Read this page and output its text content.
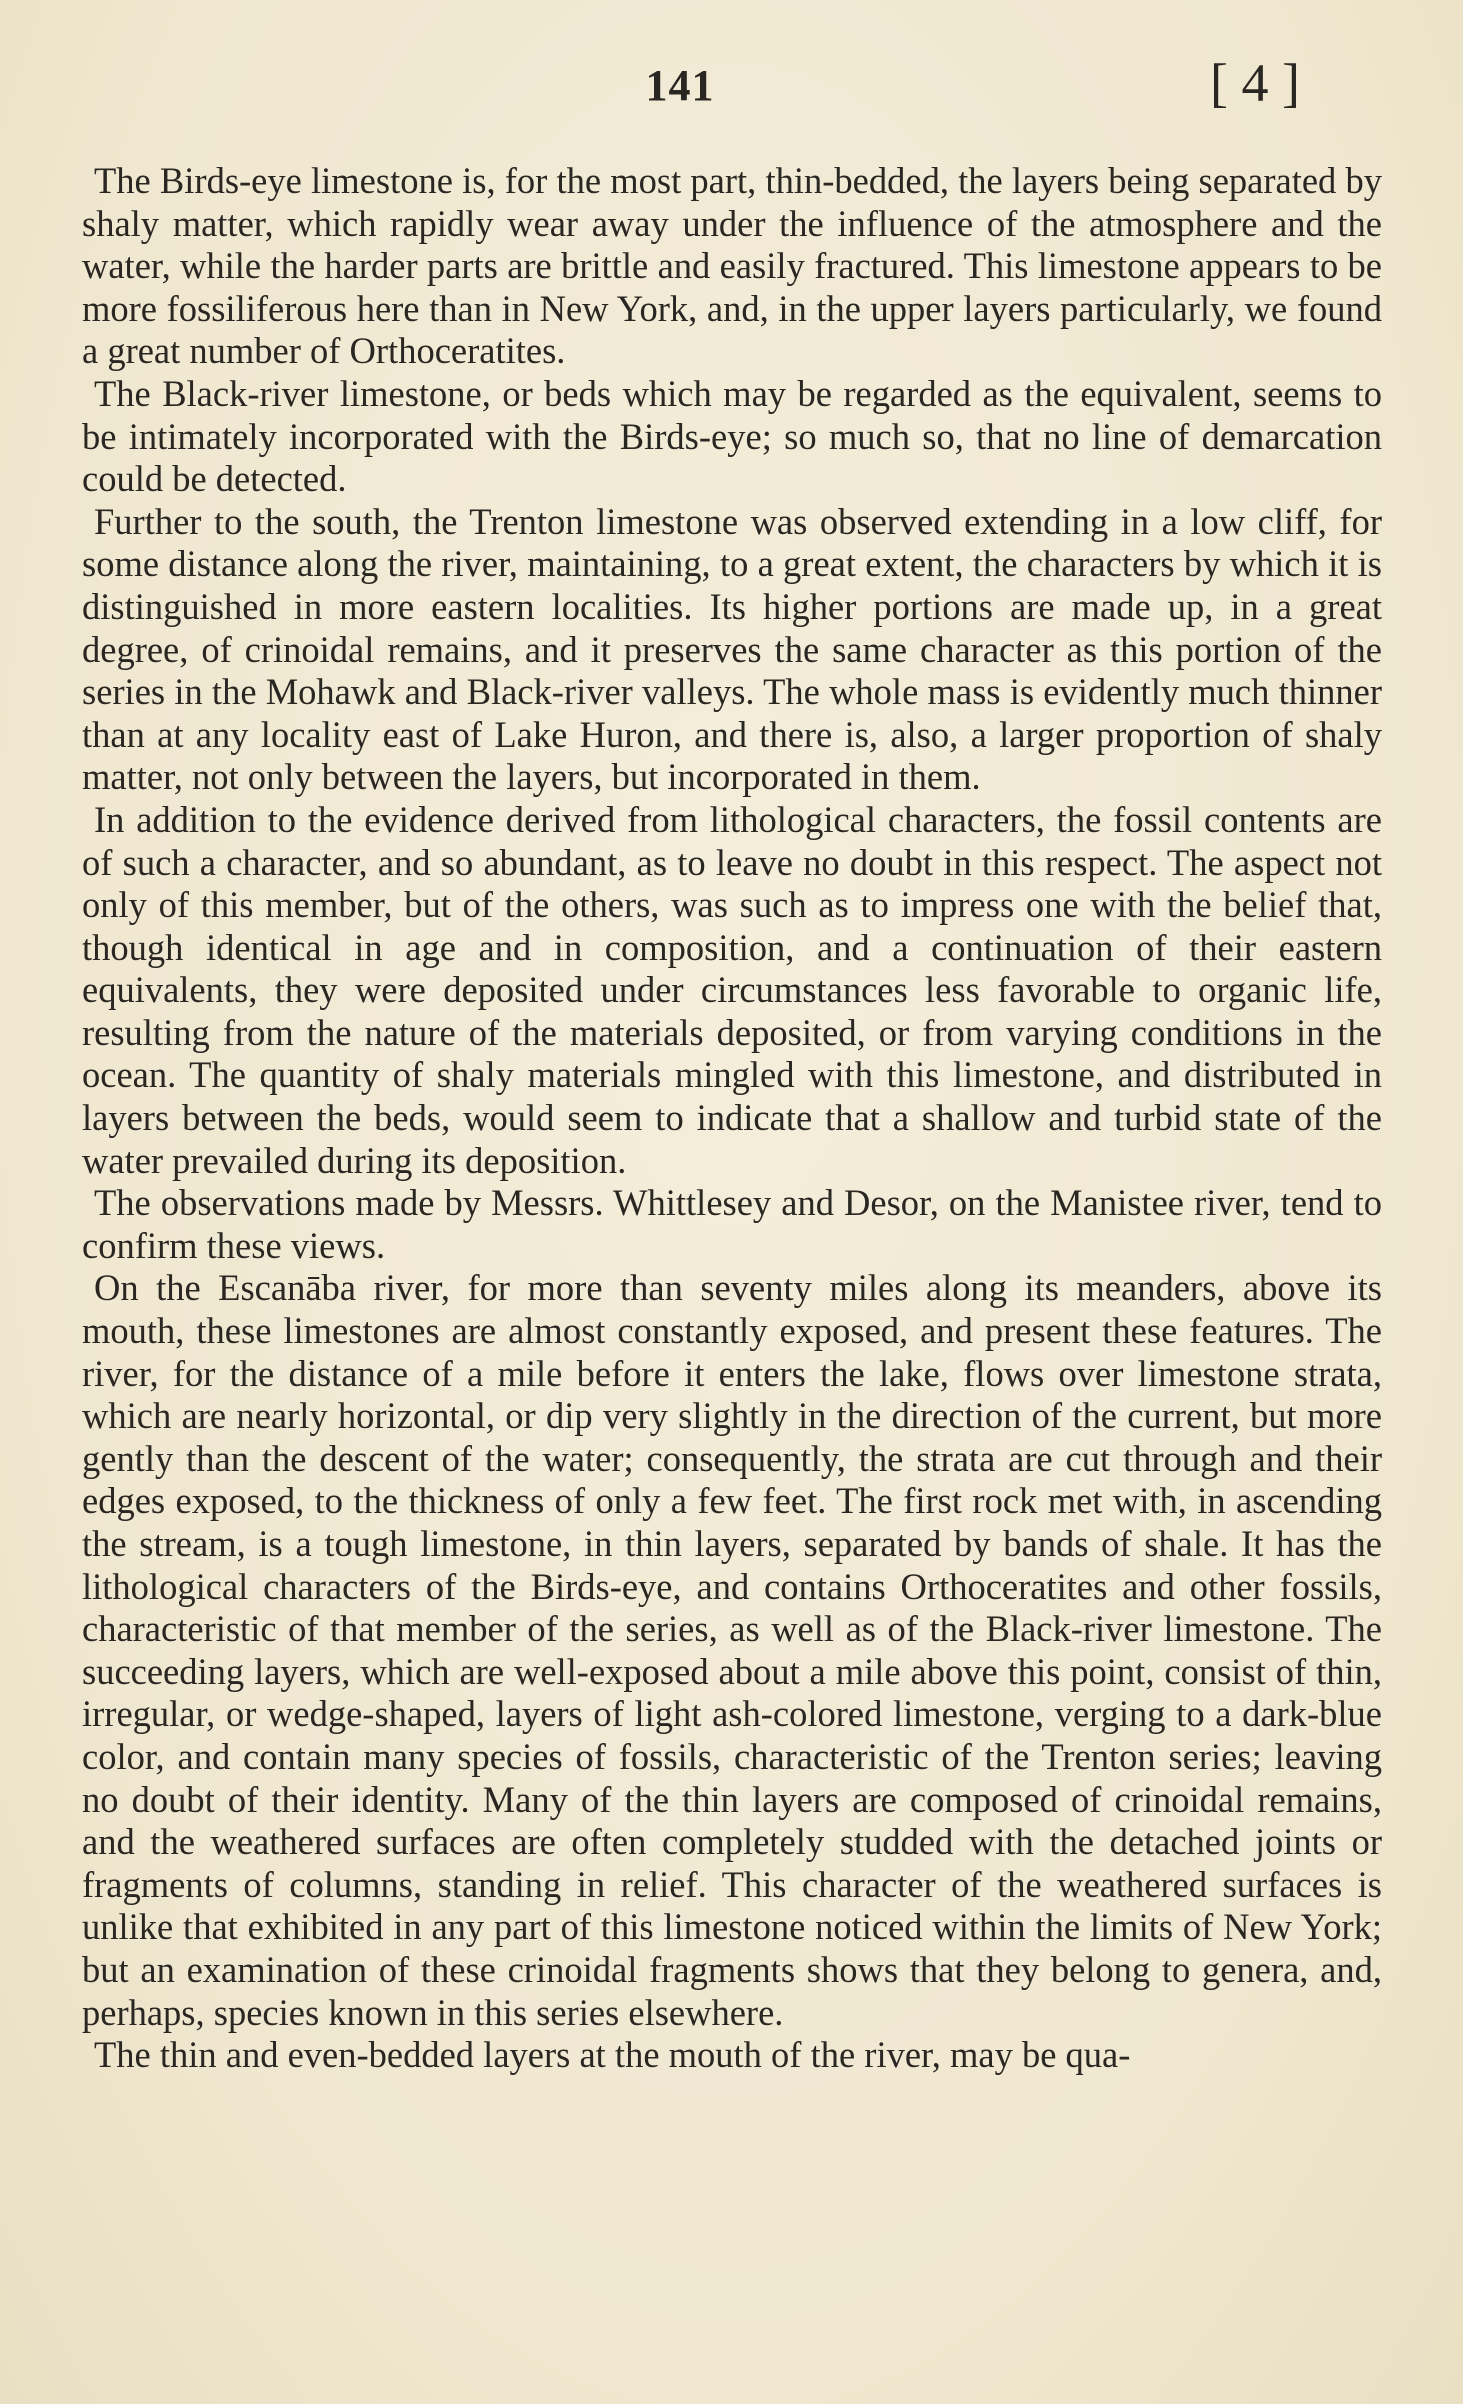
141	[ 4 ]

The Birds-eye limestone is, for the most part, thin-bedded, the layers being separated by shaly matter, which rapidly wear away under the influence of the atmosphere and the water, while the harder parts are brittle and easily fractured. This limestone appears to be more fossiliferous here than in New York, and, in the upper layers particularly, we found a great number of Orthoceratites.

The Black-river limestone, or beds which may be regarded as the equivalent, seems to be intimately incorporated with the Birds-eye; so much so, that no line of demarcation could be detected.

Further to the south, the Trenton limestone was observed extending in a low cliff, for some distance along the river, maintaining, to a great extent, the characters by which it is distinguished in more eastern localities. Its higher portions are made up, in a great degree, of crinoidal remains, and it preserves the same character as this portion of the series in the Mohawk and Black-river valleys. The whole mass is evidently much thinner than at any locality east of Lake Huron, and there is, also, a larger proportion of shaly matter, not only between the layers, but incorporated in them.

In addition to the evidence derived from lithological characters, the fossil contents are of such a character, and so abundant, as to leave no doubt in this respect. The aspect not only of this member, but of the others, was such as to impress one with the belief that, though identical in age and in composition, and a continuation of their eastern equivalents, they were deposited under circumstances less favorable to organic life, resulting from the nature of the materials deposited, or from varying conditions in the ocean. The quantity of shaly materials mingled with this limestone, and distributed in layers between the beds, would seem to indicate that a shallow and turbid state of the water prevailed during its deposition.

The observations made by Messrs. Whittlesey and Desor, on the Manistee river, tend to confirm these views.

On the Escanāba river, for more than seventy miles along its meanders, above its mouth, these limestones are almost constantly exposed, and present these features. The river, for the distance of a mile before it enters the lake, flows over limestone strata, which are nearly horizontal, or dip very slightly in the direction of the current, but more gently than the descent of the water; consequently, the strata are cut through and their edges exposed, to the thickness of only a few feet. The first rock met with, in ascending the stream, is a tough limestone, in thin layers, separated by bands of shale. It has the lithological characters of the Birds-eye, and contains Orthoceratites and other fossils, characteristic of that member of the series, as well as of the Black-river limestone. The succeeding layers, which are well-exposed about a mile above this point, consist of thin, irregular, or wedge-shaped, layers of light ash-colored limestone, verging to a dark-blue color, and contain many species of fossils, characteristic of the Trenton series; leaving no doubt of their identity. Many of the thin layers are composed of crinoidal remains, and the weathered surfaces are often completely studded with the detached joints or fragments of columns, standing in relief. This character of the weathered surfaces is unlike that exhibited in any part of this limestone noticed within the limits of New York; but an examination of these crinoidal fragments shows that they belong to genera, and, perhaps, species known in this series elsewhere.

The thin and even-bedded layers at the mouth of the river, may be qua-
